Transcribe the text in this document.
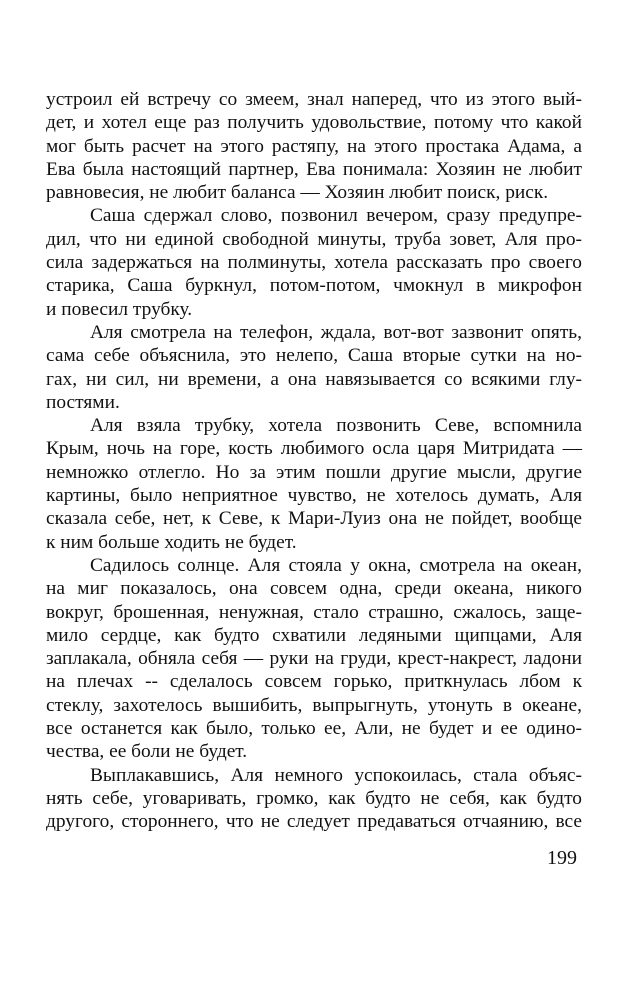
устроил ей встречу со змеем, знал наперед, что из этого вый-
дет, и хотел еще раз получить удовольствие, потому что какой
мог быть расчет на этого растяпу, на этого простака Адама, а
Ева была настоящий партнер, Ева понимала: Хозяин не любит
равновесия, не любит баланса — Хозяин любит поиск, риск.
Саша сдержал слово, позвонил вечером, сразу предупре-
дил, что ни единой свободной минуты, труба зовет, Аля про-
сила задержаться на полминуты, хотела рассказать про своего
старика, Саша буркнул, потом-потом, чмокнул в микрофон
и повесил трубку.
Аля смотрела на телефон, ждала, вот-вот зазвонит опять,
сама себе объяснила, это нелепо, Саша вторые сутки на но-
гах, ни сил, ни времени, а она навязывается со всякими глу-
постями.
Аля взяла трубку, хотела позвонить Севе, вспомнила
Крым, ночь на горе, кость любимого осла царя Митридата —
немножко отлегло. Но за этим пошли другие мысли, другие
картины, было неприятное чувство, не хотелось думать, Аля
сказала себе, нет, к Севе, к Мари-Луиз она не пойдет, вообще
к ним больше ходить не будет.
Садилось солнце. Аля стояла у окна, смотрела на океан,
на миг показалось, она совсем одна, среди океана, никого
вокруг, брошенная, ненужная, стало страшно, сжалось, заще-
мило сердце, как будто схватили ледяными щипцами, Аля
заплакала, обняла себя — руки на груди, крест-накрест, ладони
на плечах -- сделалось совсем горько, приткнулась лбом к
стеклу, захотелось вышибить, выпрыгнуть, утонуть в океане,
все останется как было, только ее, Али, не будет и ее одино-
чества, ее боли не будет.
Выплакавшись, Аля немного успокоилась, стала объяс-
нять себе, уговаривать, громко, как будто не себя, как будто
другого, стороннего, что не следует предаваться отчаянию, все
199
